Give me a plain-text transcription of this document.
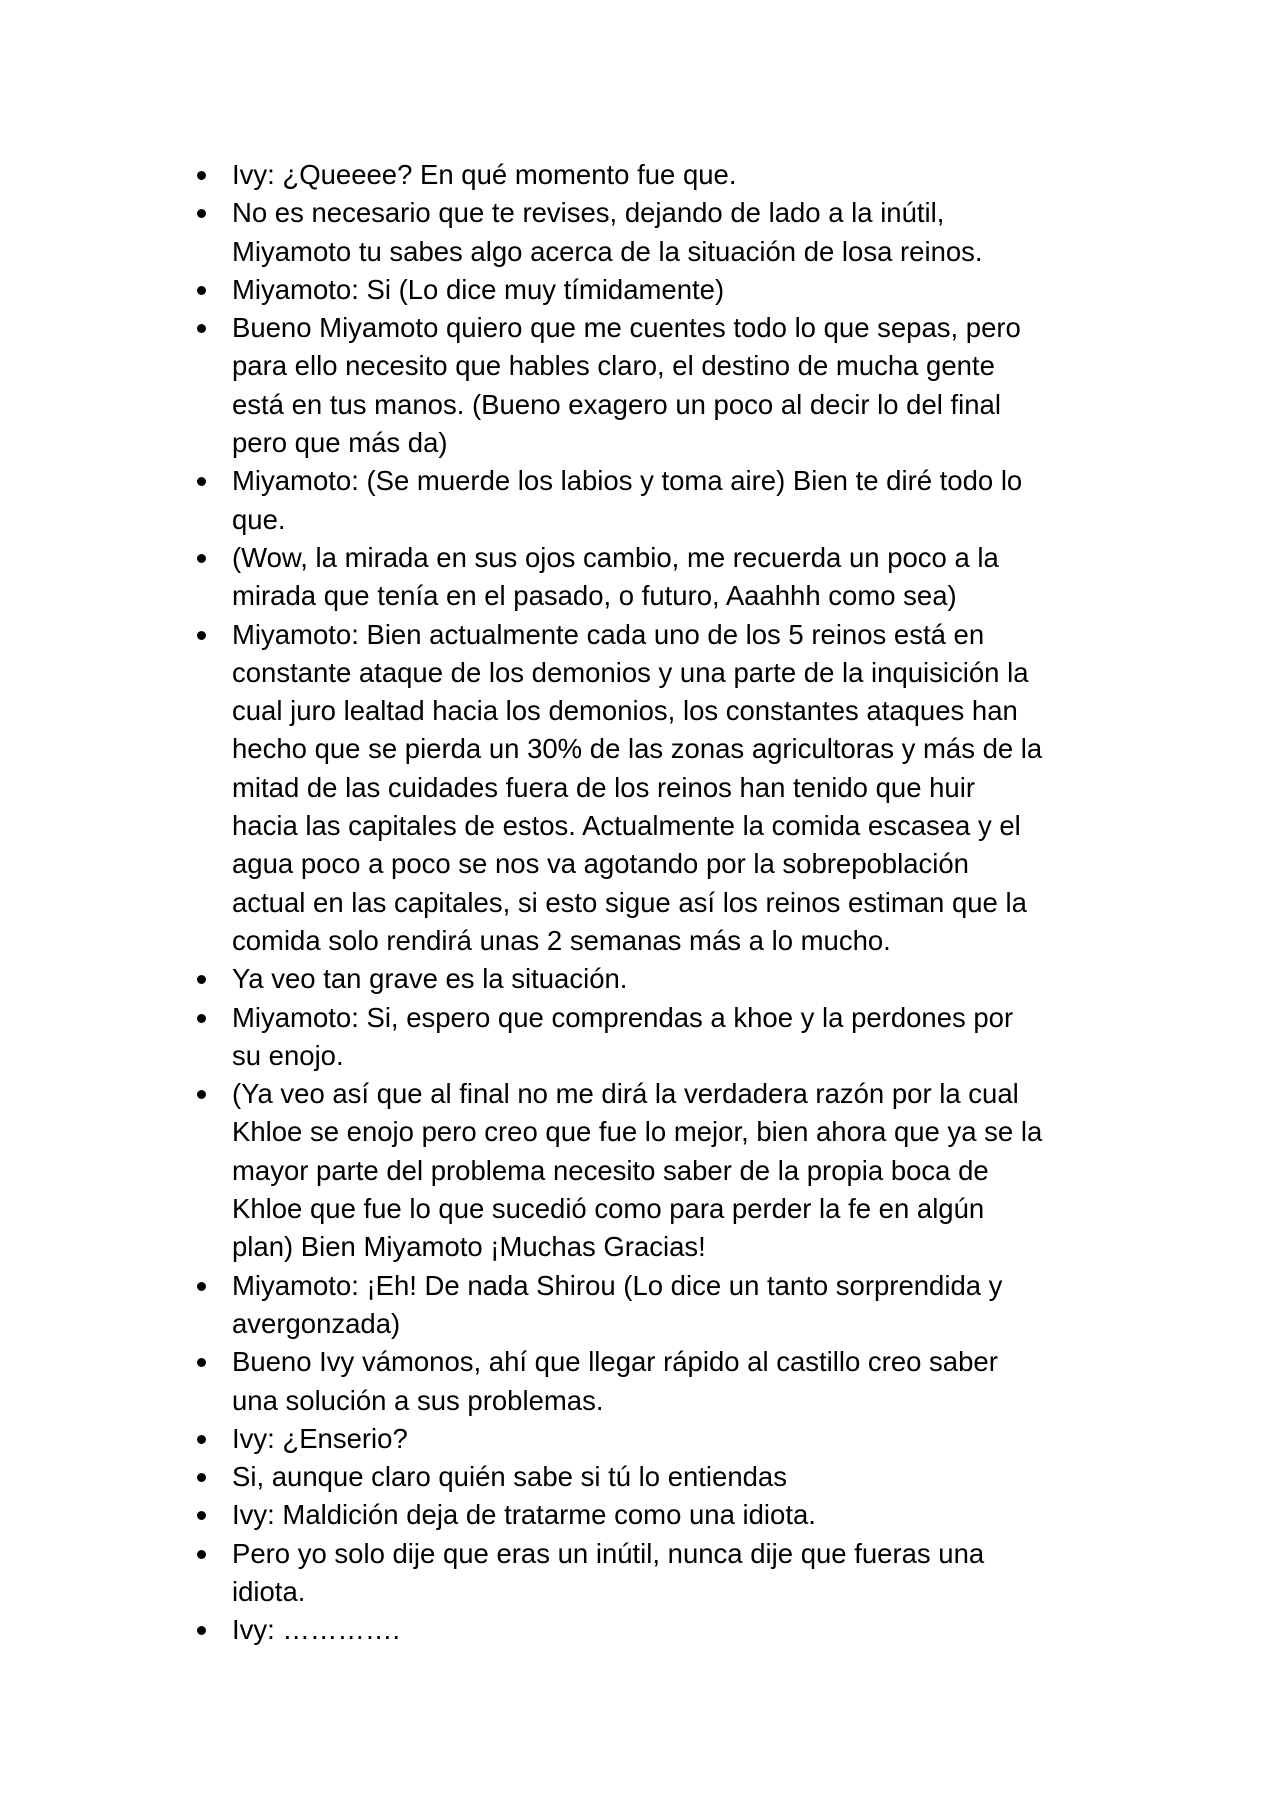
Ivy: ¿Queeee? En qué momento fue que.
No es necesario que te revises, dejando de lado a la inútil,
Miyamoto tu sabes algo acerca de la situación de losa reinos.
Miyamoto: Si (Lo dice muy tímidamente)
Bueno Miyamoto quiero que me cuentes todo lo que sepas, pero
para ello necesito que hables claro, el destino de mucha gente
está en tus manos. (Bueno exagero un poco al decir lo del final
pero que más da)
Miyamoto: (Se muerde los labios y toma aire) Bien te diré todo lo
que.
(Wow, la mirada en sus ojos cambio, me recuerda un poco a la
mirada que tenía en el pasado, o futuro, Aaahhh como sea)
Miyamoto: Bien actualmente cada uno de los 5 reinos está en
constante ataque de los demonios y una parte de la inquisición la
cual juro lealtad hacia los demonios, los constantes ataques han
hecho que se pierda un 30% de las zonas agricultoras y más de la
mitad de las cuidades fuera de los reinos han tenido que huir
hacia las capitales de estos. Actualmente la comida escasea y el
agua poco a poco se nos va agotando por la sobrepoblación
actual en las capitales, si esto sigue así los reinos estiman que la
comida solo rendirá unas 2 semanas más a lo mucho.
Ya veo tan grave es la situación.
Miyamoto: Si, espero que comprendas a khoe y la perdones por
su enojo.
(Ya veo así que al final no me dirá la verdadera razón por la cual
Khloe se enojo pero creo que fue lo mejor, bien ahora que ya se la
mayor parte del problema necesito saber de la propia boca de
Khloe que fue lo que sucedió como para perder la fe en algún
plan) Bien Miyamoto ¡Muchas Gracias!
Miyamoto: ¡Eh! De nada Shirou (Lo dice un tanto sorprendida y
avergonzada)
Bueno Ivy vámonos, ahí que llegar rápido al castillo creo saber
una solución a sus problemas.
Ivy: ¿Enserio?
Si, aunque claro quién sabe si tú lo entiendas
Ivy: Maldición deja de tratarme como una idiota.
Pero yo solo dije que eras un inútil, nunca dije que fueras una
idiota.
Ivy: ………….
